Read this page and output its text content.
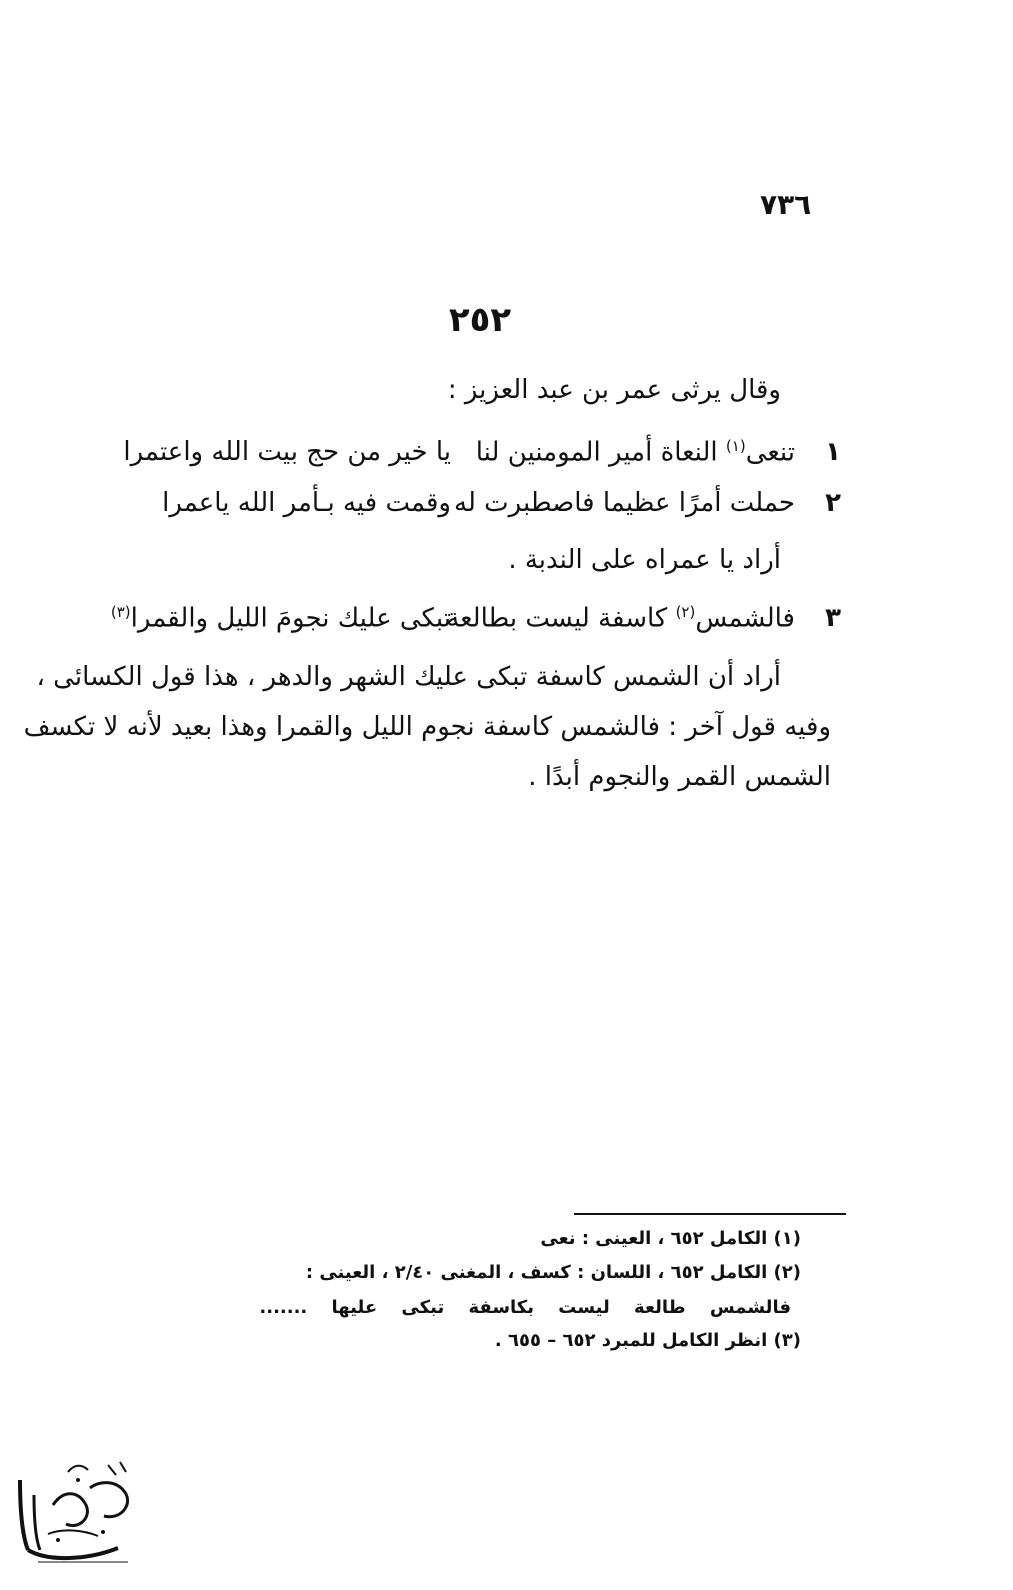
٧٣٦
٢٥٢
وقال يرثى عمر بن عبد العزيز :
١
تنعى$^{(١)}$ النعاة أمير المومنين لنا
يا خير من حج بيت الله واعتمرا
٢
حملت أمرًا عظيما فاصطبرت له
وقمت فيه بـأمر الله ياعمرا
أراد يا عمراه على الندبة .
٣
فالشمس$^{(٢)}$ كاسفة ليست بطالعة
تبكى عليك نجومَ الليل والقمرا$^{(٣)}$
أراد أن الشمس كاسفة تبكى عليك الشهر والدهر ، هذا قول الكسائى ،
وفيه قول آخر : فالشمس كاسفة نجوم الليل والقمرا وهذا بعيد لأنه لا تكسف
الشمس القمر والنجوم أبدًا .
(١) الكامل ٦٥٢ ، العينى : نعى
(٢) الكامل ٦٥٢ ، اللسان : كسف ، المغنى ٢/٤٠ ، العينى :
فالشمس طالعة ليست بكاسفة تبكى عليها .......
(٣) انظر الكامل للمبرد ٦٥٢ – ٦٥٥ .
